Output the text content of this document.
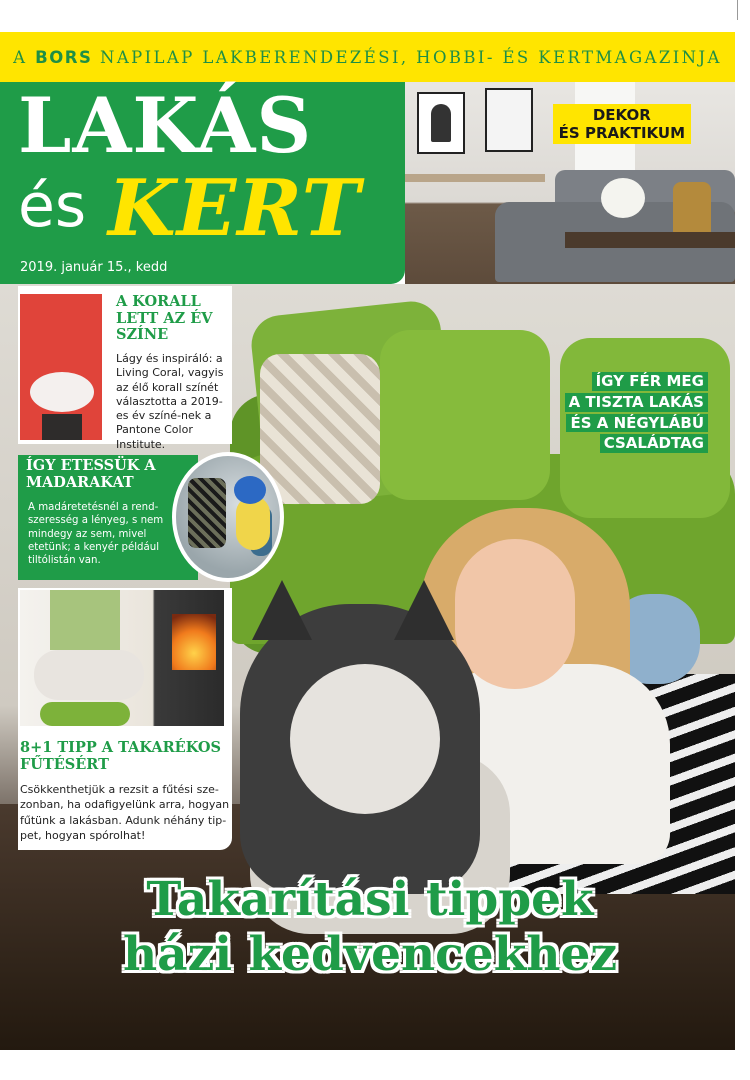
A BORS NAPILAP LAKBERENDEZÉSI, HOBBI- ÉS KERTMAGAZINJA
LAKÁS
és KERT
2019. január 15., kedd
DEKOR
ÉS PRAKTIKUM
A KORALL LETT AZ ÉV SZÍNE
Lágy és inspiráló: a Living Coral, vagyis az élő korall színét választotta a 2019-es év színé-nek a Pantone Color Institute.
ÍGY ETESSÜK A MADARAKAT
A madáretetésnél a rend-szeresség a lényeg, s nem mindegy az sem, mivel etetünk; a kenyér például tiltólistán van.
8+1 TIPP A TAKARÉKOS FŰTÉSÉRT
Csökkenthetjük a rezsit a fűtési sze-zonban, ha odafigyelünk arra, hogyan fűtünk a lakásban. Adunk néhány tip-pet, hogyan spórolhat!
ÍGY FÉR MEG
A TISZTA LAKÁS
ÉS A NÉGYLÁBÚ
CSALÁDTAG
Takarítási tippek
házi kedvencekhez
